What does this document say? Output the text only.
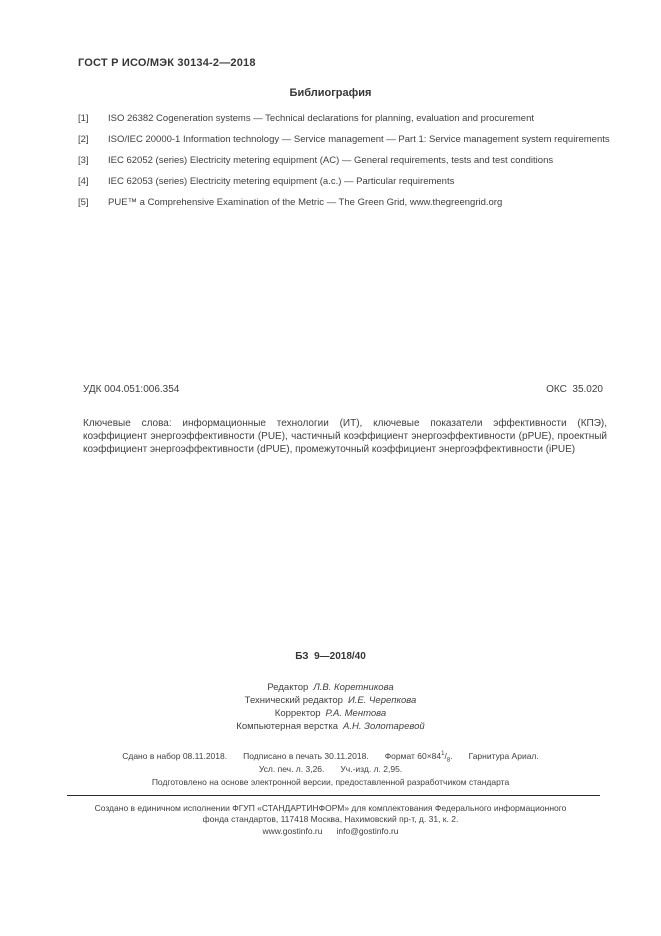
ГОСТ Р ИСО/МЭК 30134-2—2018
Библиография
[1]	ISO 26382 Cogeneration systems — Technical declarations for planning, evaluation and procurement
[2]	ISO/IEC 20000-1 Information technology — Service management — Part 1: Service management system requirements
[3]	IEC 62052 (series) Electricity metering equipment (AC) — General requirements, tests and test conditions
[4]	IEC 62053 (series) Electricity metering equipment (a.c.) — Particular requirements
[5]	PUE™ a Comprehensive Examination of the Metric — The Green Grid, www.thegreengrid.org
УДК 004.051:006.354	ОКС  35.020
Ключевые слова: информационные технологии (ИТ), ключевые показатели эффективности (КПЭ), коэффициент энергоэффективности (PUE), частичный коэффициент энергоэффективности (pPUE), проектный коэффициент энергоэффективности (dPUE), промежуточный коэффициент энергоэффективности (iPUE)
БЗ  9—2018/40
Редактор Л.В. Коретникова
Технический редактор И.Е. Черепкова
Корректор Р.А. Ментова
Компьютерная верстка А.Н. Золотаревой
Сдано в набор 08.11.2018. Подписано в печать 30.11.2018. Формат $60\times 84^1/_8$. Гарнитура Ариал.
Усл. печ. л. 3,26. Уч.-изд. л. 2,95.
Подготовлено на основе электронной версии, предоставленной разработчиком стандарта
Создано в единичном исполнении ФГУП «СТАНДАРТИНФОРМ» для комплектования Федерального информационного фонда стандартов, 117418 Москва, Нахимовский пр-т, д. 31, к. 2.
www.gostinfo.ru info@gostinfo.ru
